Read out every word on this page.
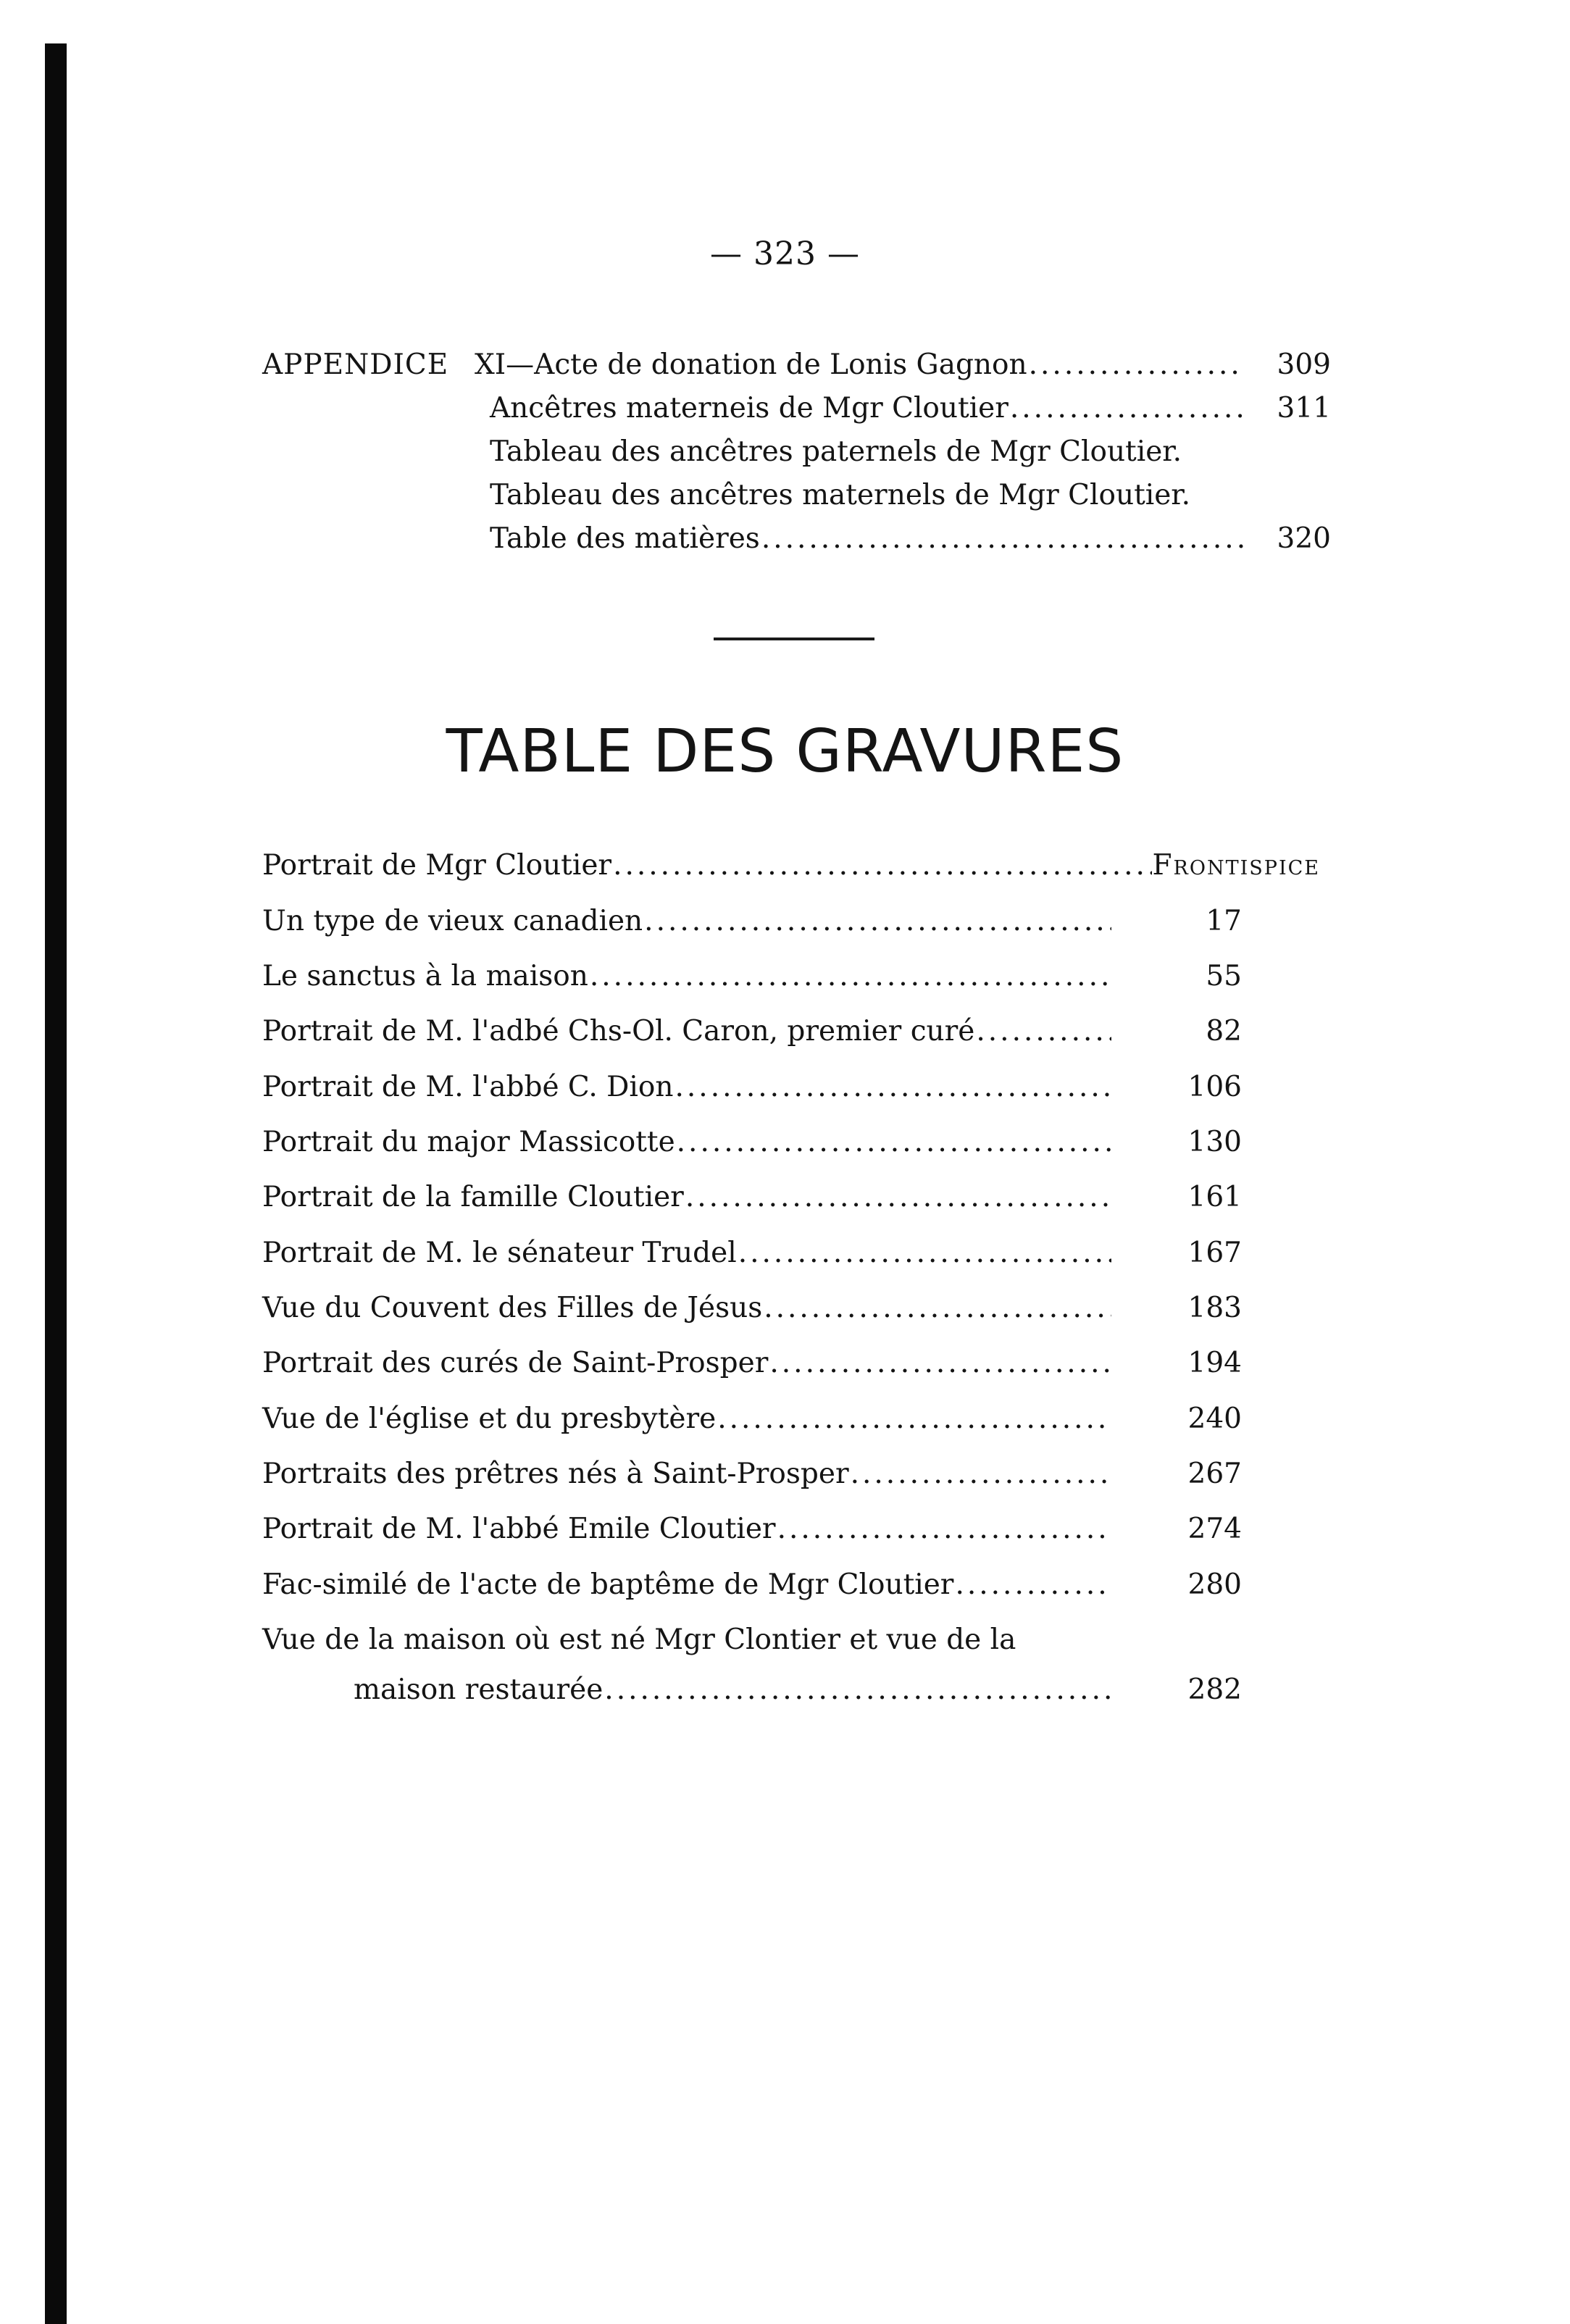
— 323 —
APPENDICE XI—Acte de donation de Lonis Gagnon .....	309
Ancêtres materneis de Mgr Cloutier .....	311
Tableau des ancêtres paternels de Mgr Cloutier.
Tableau des ancêtres maternels de Mgr Cloutier.
Table des matières .....	320
TABLE DES GRAVURES
Portrait de Mgr Cloutier .....	Frontispice
Un type de vieux canadien .....	17
Le sanctus à la maison .....	55
Portrait de M. l'adbé Chs-Ol. Caron, premier curé .....	82
Portrait de M. l'abbé C. Dion .....	106
Portrait du major Massicotte .....	130
Portrait de la famille Cloutier .....	161
Portrait de M. le sénateur Trudel .....	167
Vue du Couvent des Filles de Jésus .....	183
Portrait des curés de Saint-Prosper .....	194
Vue de l'église et du presbytère .....	240
Portraits des prêtres nés à Saint-Prosper .....	267
Portrait de M. l'abbé Emile Cloutier .....	274
Fac-similé de l'acte de baptême de Mgr Cloutier .....	280
Vue de la maison où est né Mgr Clontier et vue de la
maison restaurée .....	282
